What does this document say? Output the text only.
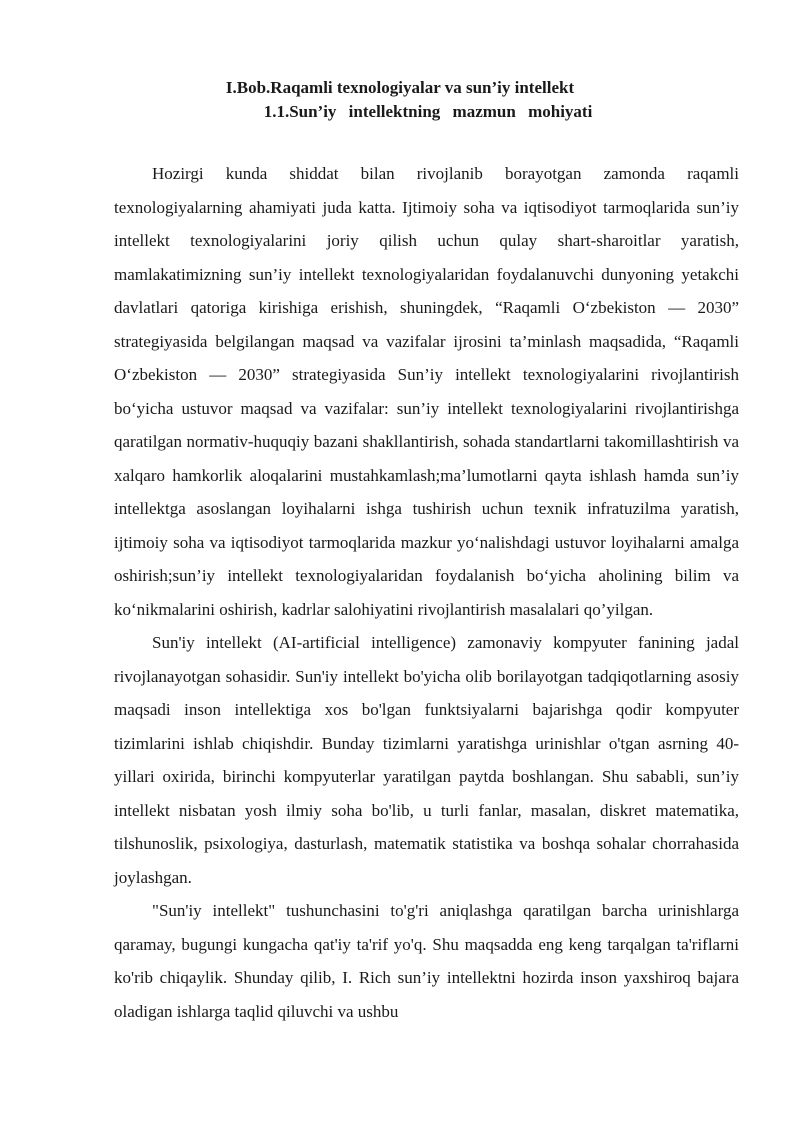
I.Bob.Raqamli texnologiyalar va sun’iy intellekt

1.1.Sun’iy intellektning mazmun mohiyati

Hozirgi kunda shiddat bilan rivojlanib borayotgan zamonda raqamli texnologiyalarning ahamiyati juda katta. Ijtimoiy soha va iqtisodiyot tarmoqlarida sun’iy intellekt texnologiyalarini joriy qilish uchun qulay shart-sharoitlar yaratish, mamlakatimizning sun’iy intellekt texnologiyalaridan foydalanuvchi dunyoning yetakchi davlatlari qatoriga kirishiga erishish, shuningdek, “Raqamli O‘zbekiston — 2030” strategiyasida belgilangan maqsad va vazifalar ijrosini ta’minlash maqsadida, “Raqamli O‘zbekiston — 2030” strategiyasida Sun’iy intellekt texnologiyalarini rivojlantirish bo‘yicha ustuvor maqsad va vazifalar: sun’iy intellekt texnologiyalarini rivojlantirishga qaratilgan normativ-huquqiy bazani shakllantirish, sohada standartlarni takomillashtirish va xalqaro hamkorlik aloqalarini mustahkamlash;ma’lumotlarni qayta ishlash hamda sun’iy intellektga asoslangan loyihalarni ishga tushirish uchun texnik infratuzilma yaratish, ijtimoiy soha va iqtisodiyot tarmoqlarida mazkur yo‘nalishdagi ustuvor loyihalarni amalga oshirish;sun’iy intellekt texnologiyalaridan foydalanish bo‘yicha aholining bilim va ko‘nikmalarini oshirish, kadrlar salohiyatini rivojlantirish masalalari qo’yilgan.

Sun'iy intellekt (AI-artificial intelligence) zamonaviy kompyuter fanining jadal rivojlanayotgan sohasidir. Sun'iy intellekt bo'yicha olib borilayotgan tadqiqotlarning asosiy maqsadi inson intellektiga xos bo'lgan funktsiyalarni bajarishga qodir kompyuter tizimlarini ishlab chiqishdir. Bunday tizimlarni yaratishga urinishlar o'tgan asrning 40-yillari oxirida, birinchi kompyuterlar yaratilgan paytda boshlangan. Shu sababli, sun’iy intellekt nisbatan yosh ilmiy soha bo'lib, u turli fanlar, masalan, diskret matematika, tilshunoslik, psixologiya, dasturlash, matematik statistika va boshqa sohalar chorrahasida joylashgan.

"Sun'iy intellekt" tushunchasini to'g'ri aniqlashga qaratilgan barcha urinishlarga qaramay, bugungi kungacha qat'iy ta'rif yo'q. Shu maqsadda eng keng tarqalgan ta'riflarni ko'rib chiqaylik. Shunday qilib, I. Rich sun’iy intellektni hozirda inson yaxshiroq bajara oladigan ishlarga taqlid qiluvchi va ushbu
